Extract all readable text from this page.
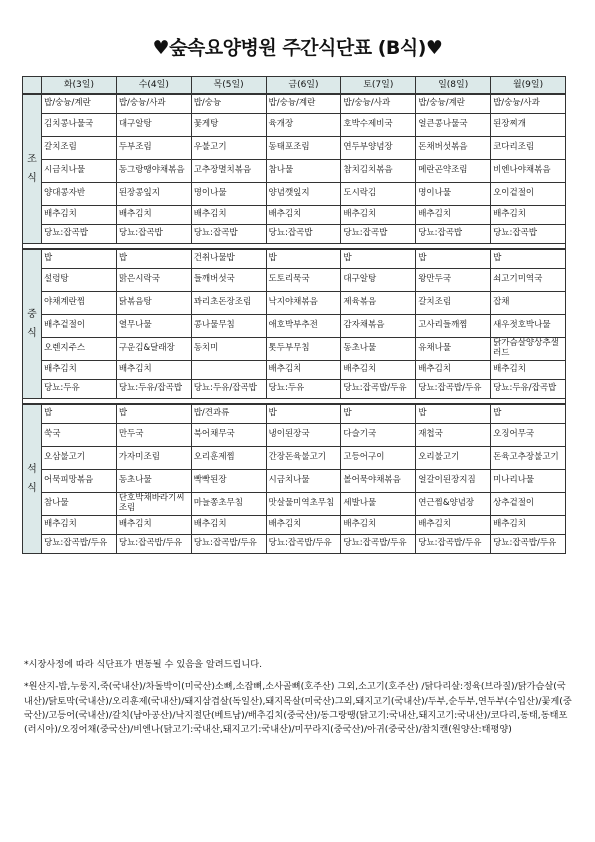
♥숲속요양병원 주간식단표 (B식)♥
	화(3일)	수(4일)	목(5일)	금(6일)	토(7일)	일(8일)	월(9일)
조
식	밥/숭늉/계란	밥/숭늉/사과	밥/숭늉	밥/숭늉/계란	밥/숭늉/사과	밥/숭늉/계란	밥/숭늉/사과
	김치콩나물국	대구알탕	꽃게탕	육개장	호박수제비국	얼큰콩나물국	된장찌개
	갈치조림	두부조림	우불고기	동태포조림	연두부양념장	돈채버섯볶음	코다리조림
	시금치나물	동그랑땡야채볶음	고추장멸치볶음	참나물	참치김치볶음	메란곤약조림	비엔나야채볶음
	양대콩자반	된장콩잎지	명이나물	양념깻잎지	도시락김	명이나물	오이겉절이
	배추김치	배추김치	배추김치	배추김치	배추김치	배추김치	배추김치
	당뇨:잡곡밥	당뇨:잡곡밥	당뇨:잡곡밥	당뇨:잡곡밥	당뇨:잡곡밥	당뇨:잡곡밥	당뇨:잡곡밥

중
식	밥	밥	건취나물밥	밥	밥	밥	밥
	설렁탕	맑은시락국	들깨버섯국	도토리묵국	대구알탕	왕만두국	쇠고기미역국
	야채계란찜	닭볶음탕	꽈리초돈장조림	낙지야채볶음	제육볶음	갈치조림	잡채
	배추겉절이	열무나물	콩나물무침	애호박부추전	감자채볶음	고사리들깨찜	새우젓호박나물
	오렌지주스	구운김&달래장	동치미	톳두부무침	동초나물	유채나물	닭가슴살양상추샐러드
	배추김치	배추김치		배추김치	배추김치	배추김치	배추김치
	당뇨:두유	당뇨:두유/잡곡밥	당뇨:두유/잡곡밥	당뇨:두유	당뇨:잡곡밥/두유	당뇨:잡곡밥/두유	당뇨:두유/잡곡밥

석
식	밥	밥	밥/견과류	밥	밥	밥	밥
	쑥국	만두국	북어채무국	냉이된장국	다슬기국	재첩국	오징어무국
	오삼불고기	가자미조림	오리훈제찜	간장돈육불고기	고등어구이	오리불고기	돈육고추장불고기
	어묵피망볶음	동초나물	빡빡된장	시금치나물	볼어묵야채볶음	얼갈이된장지짐	미나리나물
	참나물	단호박채바라기씨조림	마늘쫑초무침	맛살물미역초무침	세발나물	연근찜&양념장	상추겉절이
	배추김치	배추김치	배추김치	배추김치	배추김치	배추김치	배추김치
	당뇨:잡곡밥/두유	당뇨:잡곡밥/두유	당뇨:잡곡밥/두유	당뇨:잡곡밥/두유	당뇨:잡곡밥/두유	당뇨:잡곡밥/두유	당뇨:잡곡밥/두유

*시장사정에 따라 식단표가 변동될 수 있음을 알려드립니다.

*원산지-밥,누룽지,죽(국내산)/차돌박이(미국산)소뼈,소잡뼈,소사골뼈(호주산) 그외,소고기(호주산) /닭다리살:정육(브라질)/닭가슴살(국내산)/닭토막(국내산)/오리훈제(국내산)/돼지삼겹살(독일산),돼지목살(미국산)그외,돼지고기(국내산)/두부,순두부,연두부(수입산)/꽃게(중국산)/고등어(국내산)/갈치(남아공산)/낙지절단(베트남)/배추김치(중국산)/동그랑땡(닭고기:국내산,돼지고기:국내산)/코다리,동태,동태포(러시아)/오징어채(중국산)/비엔나(닭고기:국내산,돼지고기:국내산)/미꾸라지(중국산)/아귀(중국산)/참치캔(원양산:태평양)
